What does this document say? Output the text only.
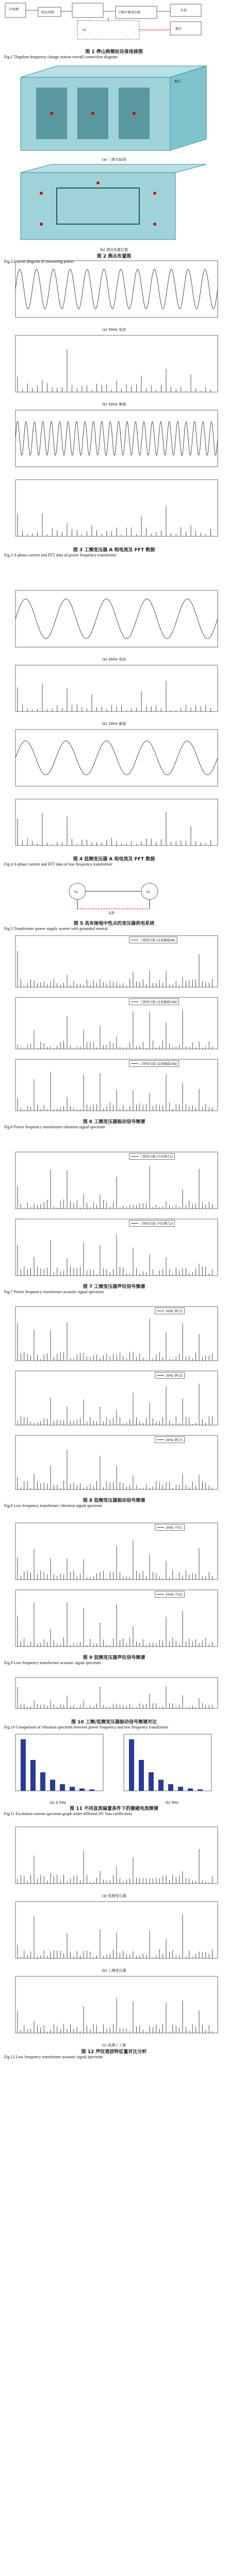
一次电源
PCC母线	工频/中频变压器
负荷
1#	测点
图 1 停山换频站设备连接图
Fig.1 Tingshan frequency change station overall connection diagram
测点
(a) 三维实际图
(b) 测点布置位置
图 2 测点布置图
Fig.2 Layout diagram of measuring points
(a) 50Hz 电流
(b) 50Hz 频谱

图 3 工频变压器 A 相电流及 FFT 数据
Fig.3 A-phase current and FFT data of power frequency transformer
(a) 20Hz 电流
(b) 20Hz 频谱

图 4 低频变压器 A 相电流及 FFT 数据
Fig.4 A-phase current and FFT data of low frequency transformer
U₁	U₂
直流
图 5 具有接地中性点的变压器供电系统
Fig.5 Transformer power supply system with grounded neutral
工频变压器 (直流偏磁0A)
工频变压器 (直流偏磁10A)
工频变压器 (直流偏磁20A)
图 6 工频变压器振动信号频谱
Fig.6 Power frequency transformer vibration signal spectrum
工频变压器 (声纹测点1)
工频变压器 (声纹测点2)
图 7 工频变压器声纹信号频谱
Fig.7 Power frequency transformer acoustic signal spectrum
20Hz 测点1
20Hz 测点2
20Hz 测点3
图 8 低频变压器振动信号频谱
Fig.8 Low frequency transformer vibration signal spectrum
20Hz 声纹1
20Hz 声纹2
图 9 低频变压器声纹信号频谱
Fig.9 Low frequency transformer acoustic signal spectrum
图 10 工频/低频变压器振动信号频谱对比
Fig.10 Comparison of vibration spectrum between power frequency and low frequency transformer
(a) 0.5Hz	(b) 5Hz
图 11 不同直流偏置条件下的激磁电流频谱
Fig.11 Excitation current spectrum graph under different DC bias coefficients
(a) 低频变压器
(b) 工频变压器
(c) 低频 / 工频
图 12 声纹谐波特征量对比分析
Fig.12 Low frequency transformer acoustic signal spectrum
